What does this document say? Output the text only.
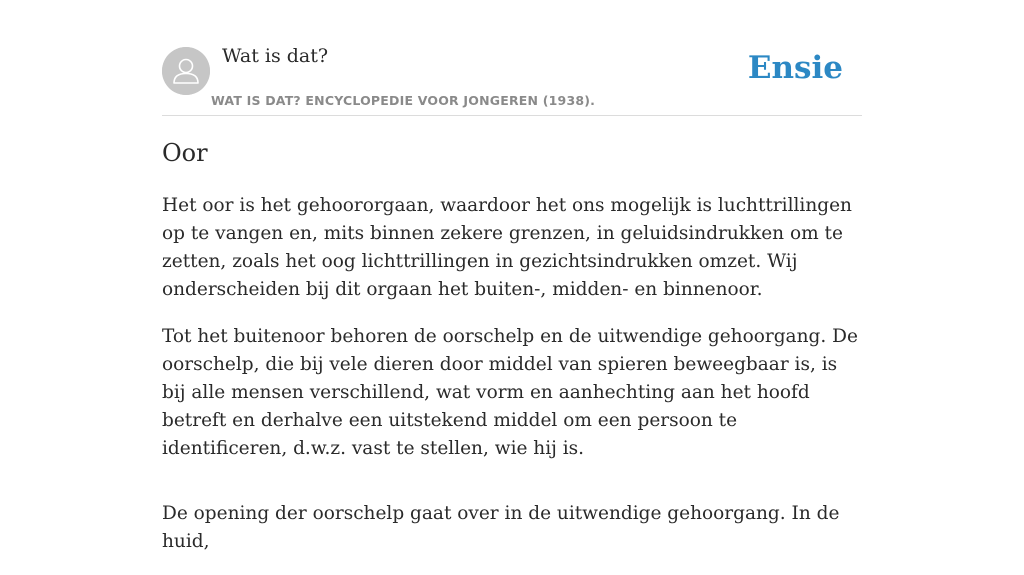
Wat is dat?
WAT IS DAT? ENCYCLOPEDIE VOOR JONGEREN (1938).
Ensie
Oor

Het oor is het gehoororgaan, waardoor het ons mogelijk is luchttrillingen op te vangen en, mits binnen zekere grenzen, in geluidsindrukken om te zetten, zoals het oog lichttrillingen in gezichtsindrukken omzet. Wij onderscheiden bij dit orgaan het buiten-, midden- en binnenoor.

Tot het buitenoor behoren de oorschelp en de uitwendige gehoorgang. De oorschelp, die bij vele dieren door middel van spieren beweegbaar is, is bij alle mensen verschillend, wat vorm en aanhechting aan het hoofd betreft en derhalve een uitstekend middel om een persoon te identificeren, d.w.z. vast te stellen, wie hij is.

De opening der oorschelp gaat over in de uitwendige gehoorgang. In de huid,
